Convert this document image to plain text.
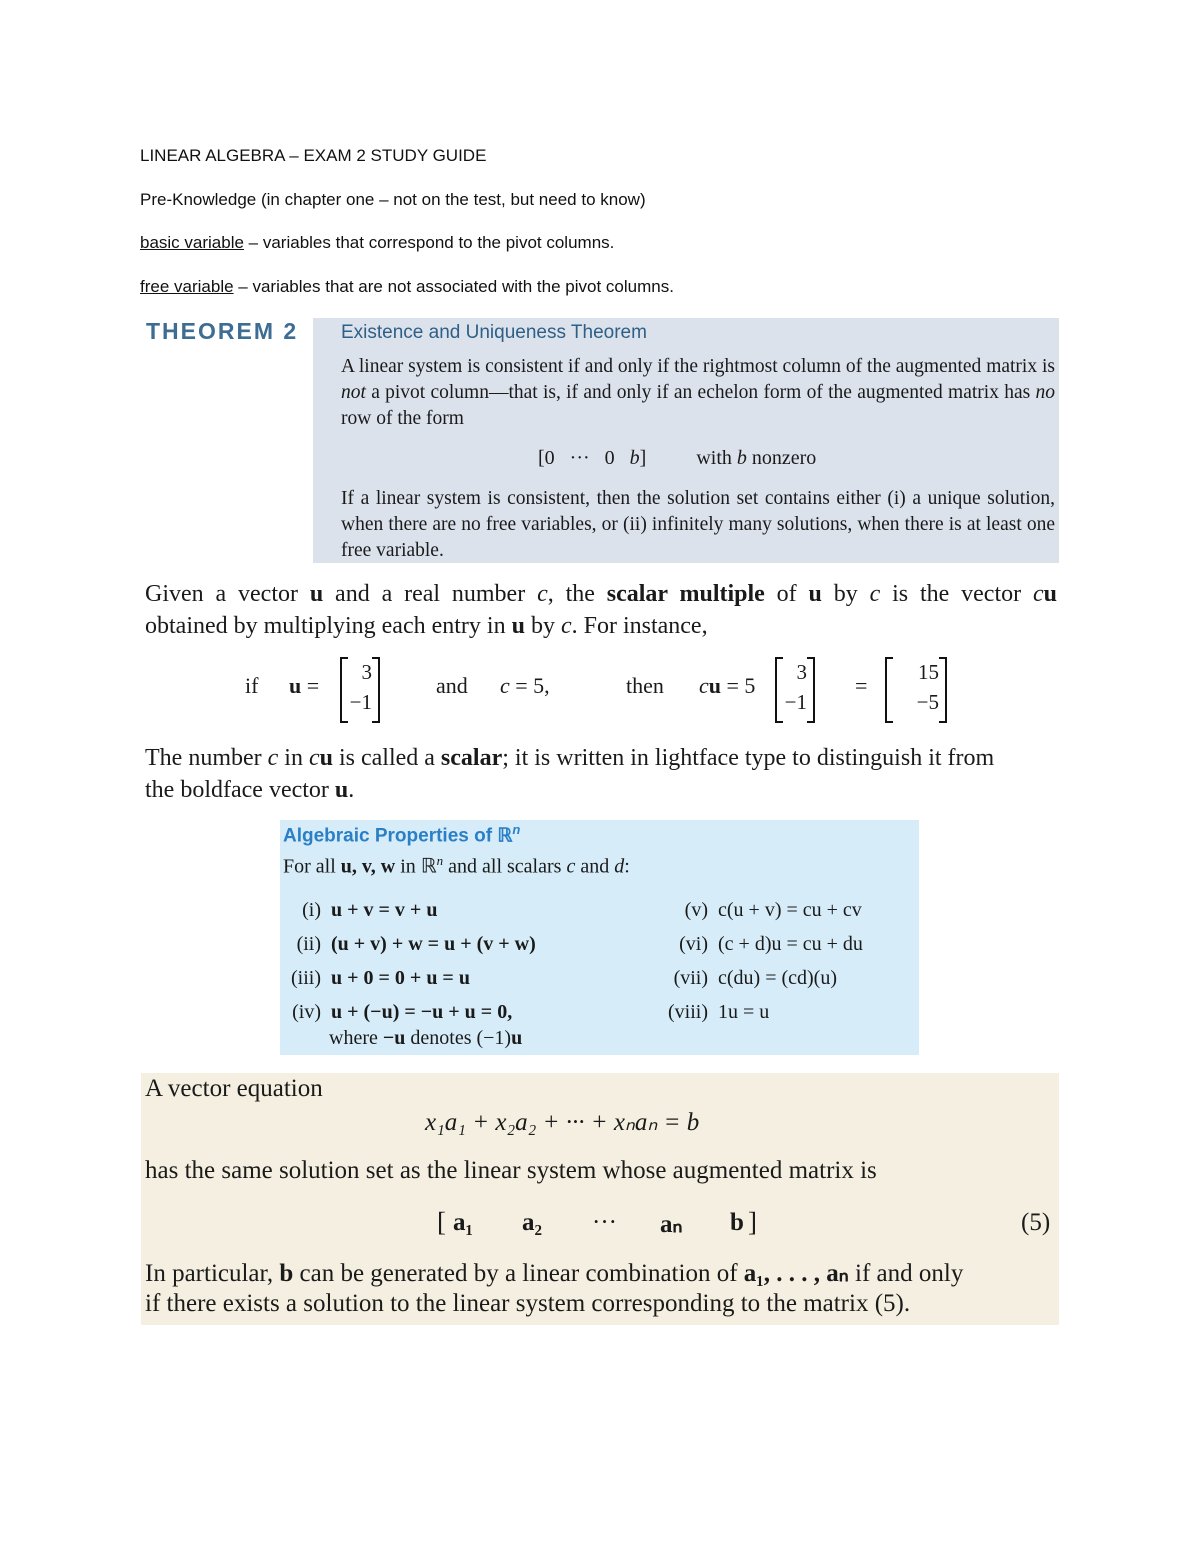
LINEAR ALGEBRA – EXAM 2 STUDY GUIDE
Pre-Knowledge (in chapter one – not on the test, but need to know)
basic variable – variables that correspond to the pivot columns.
free variable – variables that are not associated with the pivot columns.
THEOREM 2 Existence and Uniqueness Theorem
A linear system is consistent if and only if the rightmost column of the augmented matrix is not a pivot column—that is, if and only if an echelon form of the augmented matrix has no row of the form
[0 ··· 0 b]	with b nonzero
If a linear system is consistent, then the solution set contains either (i) a unique solution, when there are no free variables, or (ii) infinitely many solutions, when there is at least one free variable.
Given a vector u and a real number c, the scalar multiple of u by c is the vector cu
obtained by multiplying each entry in u by c. For instance,
if u =
3
−1
and c = 5,	then cu = 5
3
−1
=
15
−5
The number c in cu is called a scalar; it is written in lightface type to distinguish it from
the boldface vector u.
Algebraic Properties of ℝ$^n$
For all u, v, w in ℝ$^n$ and all scalars c and d:
(i) u + v = v + u
(ii) (u + v) + w = u + (v + w)
(iii) u + 0 = 0 + u = u
(iv) u + (−u) = −u + u = 0,
where −u denotes (−1)u
(v) c(u + v) = cu + cv
(vi) (c + d)u = cu + du
(vii) c(du) = (cd)(u)
(viii) 1u = u
A vector equation
x₁a₁ + x₂a₂ + ··· + xₙaₙ = b
has the same solution set as the linear system whose augmented matrix is
[ a₁ a₂ ··· aₙ b ]	(5)
In particular, b can be generated by a linear combination of a₁, . . . , aₙ if and only
if there exists a solution to the linear system corresponding to the matrix (5).
